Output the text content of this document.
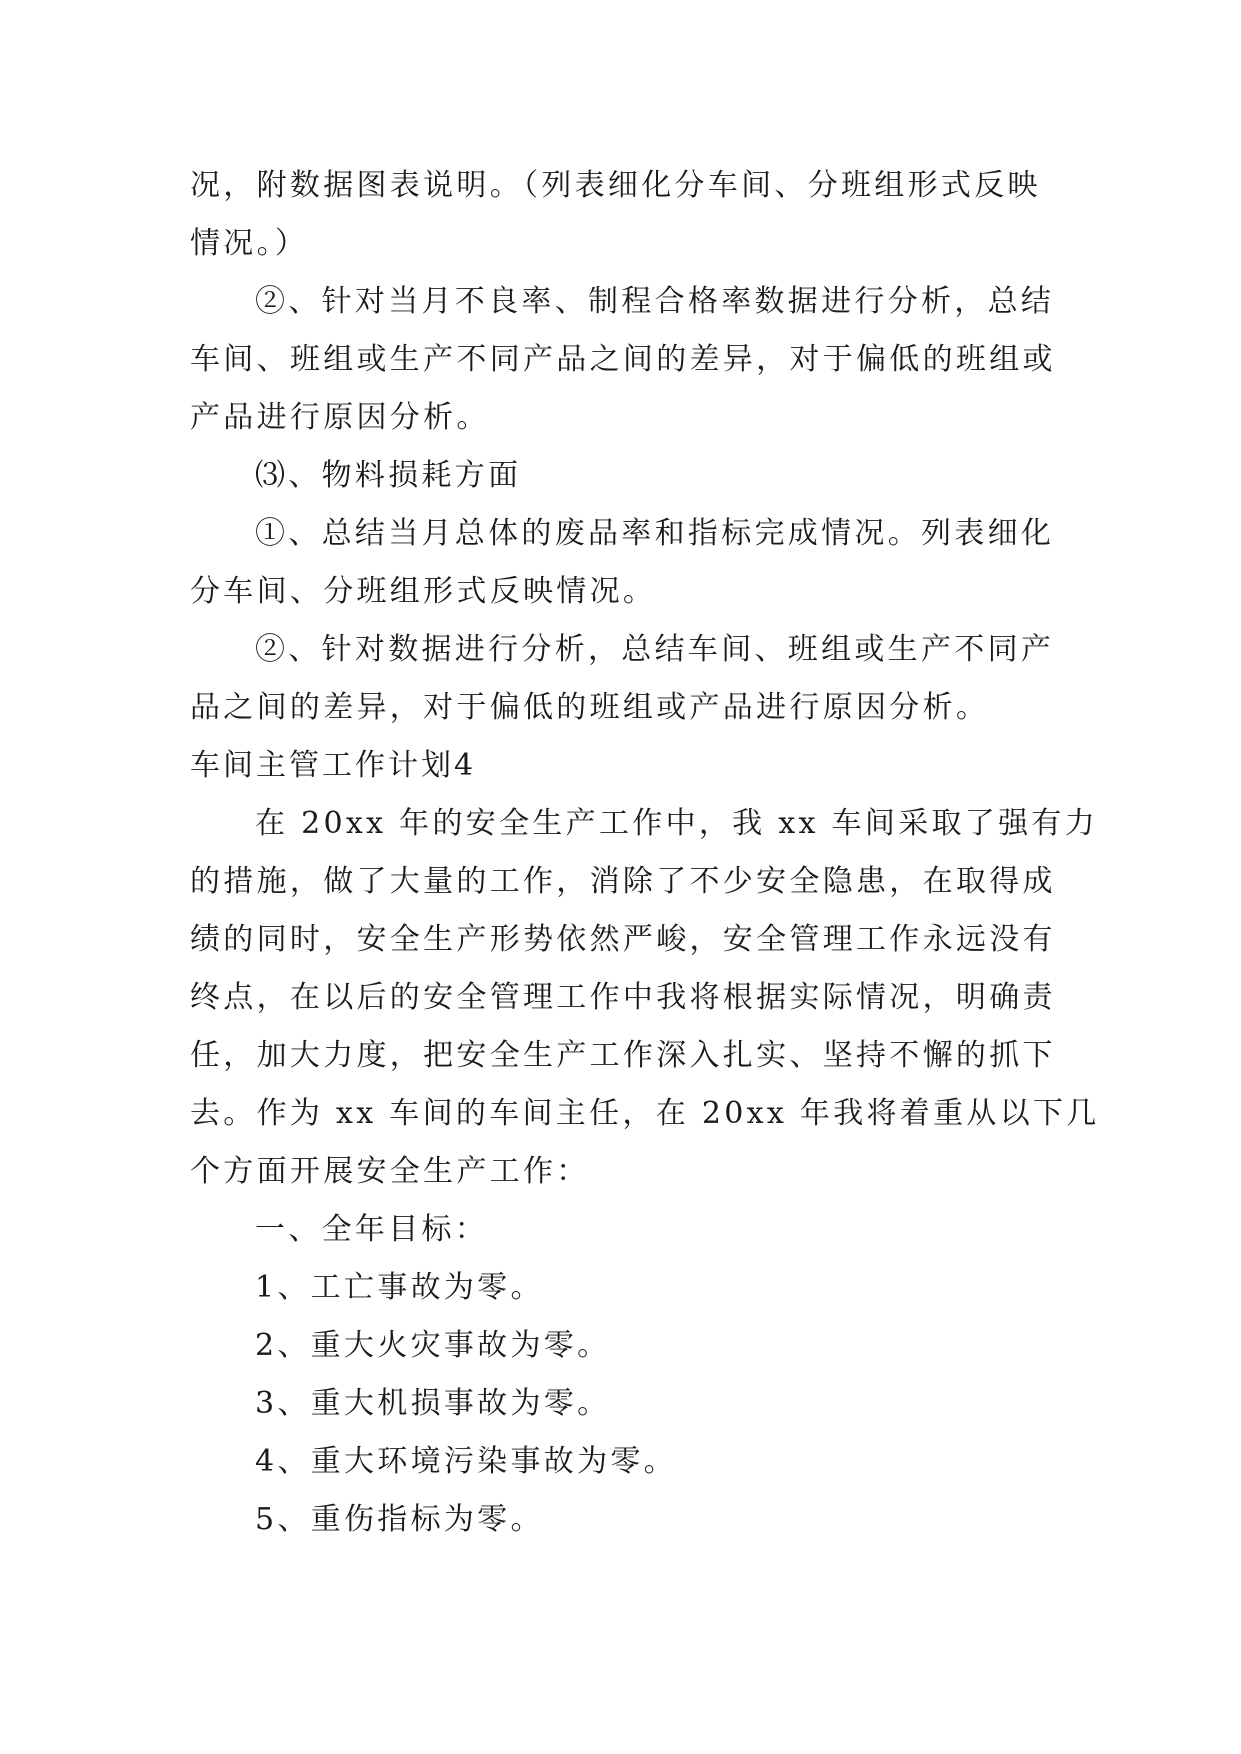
况，附数据图表说明。（列表细化分车间、分班组形式反映
情况。）
②、针对当月不良率、制程合格率数据进行分析，总结
车间、班组或生产不同产品之间的差异，对于偏低的班组或
产品进行原因分析。
⑶、物料损耗方面
①、总结当月总体的废品率和指标完成情况。列表细化
分车间、分班组形式反映情况。
②、针对数据进行分析，总结车间、班组或生产不同产
品之间的差异，对于偏低的班组或产品进行原因分析。
车间主管工作计划4
在 20xx 年的安全生产工作中，我 xx 车间采取了强有力
的措施，做了大量的工作，消除了不少安全隐患，在取得成
绩的同时，安全生产形势依然严峻，安全管理工作永远没有
终点，在以后的安全管理工作中我将根据实际情况，明确责
任，加大力度，把安全生产工作深入扎实、坚持不懈的抓下
去。作为 xx 车间的车间主任，在 20xx 年我将着重从以下几
个方面开展安全生产工作：
一、全年目标：
1、工亡事故为零。
2、重大火灾事故为零。
3、重大机损事故为零。
4、重大环境污染事故为零。
5、重伤指标为零。
